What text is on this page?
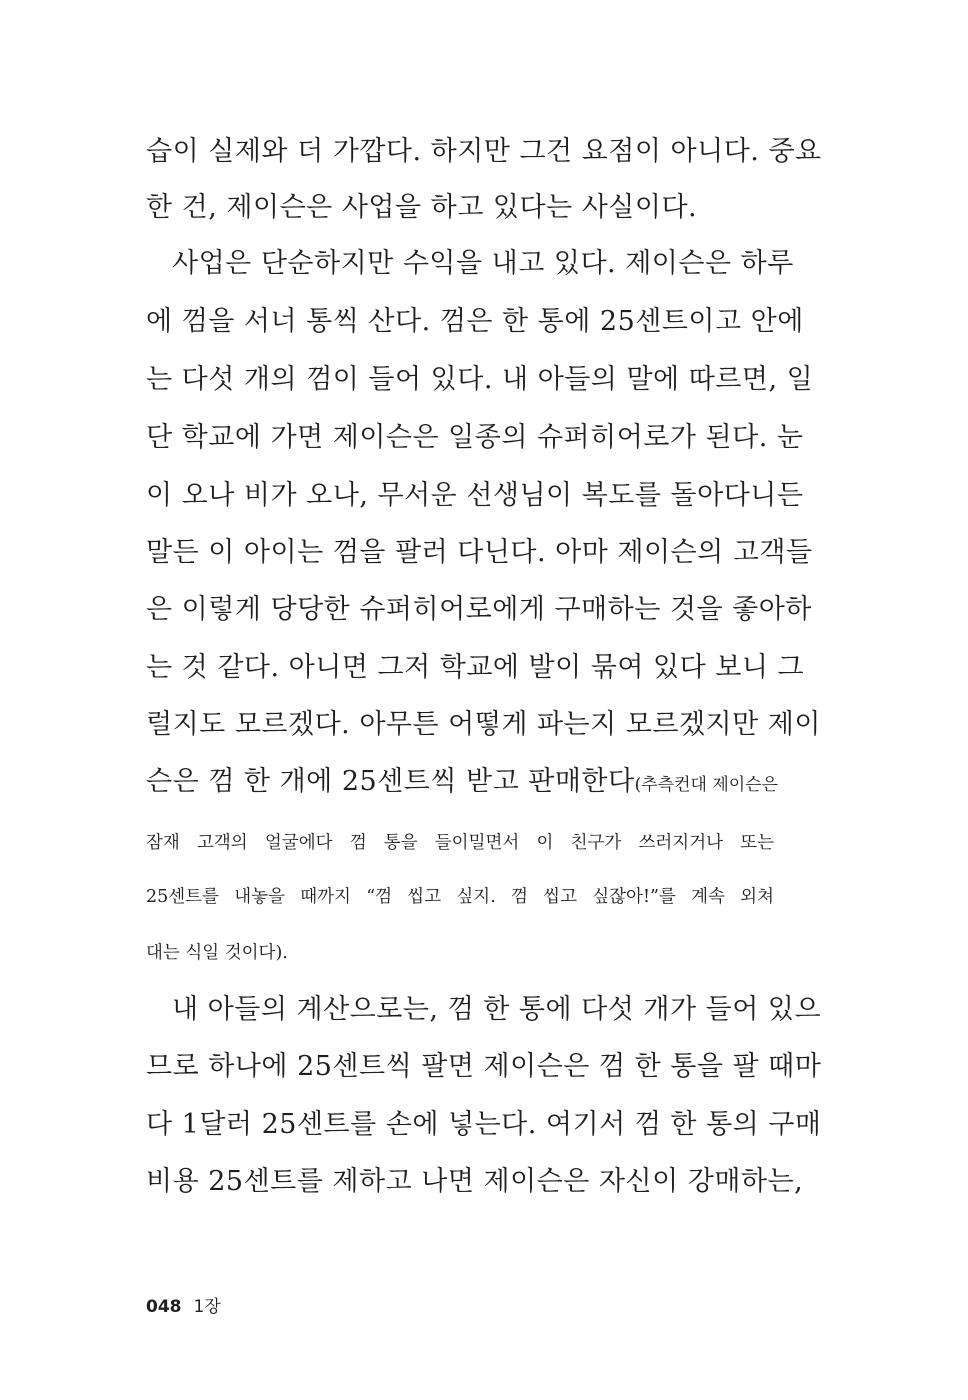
습이 실제와 더 가깝다. 하지만 그건 요점이 아니다. 중요
한 건, 제이슨은 사업을 하고 있다는 사실이다.
사업은 단순하지만 수익을 내고 있다. 제이슨은 하루
에 껌을 서너 통씩 산다. 껌은 한 통에 25센트이고 안에
는 다섯 개의 껌이 들어 있다. 내 아들의 말에 따르면, 일
단 학교에 가면 제이슨은 일종의 슈퍼히어로가 된다. 눈
이 오나 비가 오나, 무서운 선생님이 복도를 돌아다니든
말든 이 아이는 껌을 팔러 다닌다. 아마 제이슨의 고객들
은 이렇게 당당한 슈퍼히어로에게 구매하는 것을 좋아하
는 것 같다. 아니면 그저 학교에 발이 묶여 있다 보니 그
럴지도 모르겠다. 아무튼 어떻게 파는지 모르겠지만 제이
슨은 껌 한 개에 25센트씩 받고 판매한다(추측컨대 제이슨은
잠재 고객의 얼굴에다 껌 통을 들이밀면서 이 친구가 쓰러지거나 또는
25센트를 내놓을 때까지 “껌 씹고 싶지. 껌 씹고 싶잖아!”를 계속 외쳐
대는 식일 것이다).
내 아들의 계산으로는, 껌 한 통에 다섯 개가 들어 있으
므로 하나에 25센트씩 팔면 제이슨은 껌 한 통을 팔 때마
다 1달러 25센트를 손에 넣는다. 여기서 껌 한 통의 구매
비용 25센트를 제하고 나면 제이슨은 자신이 강매하는,
048 1장
